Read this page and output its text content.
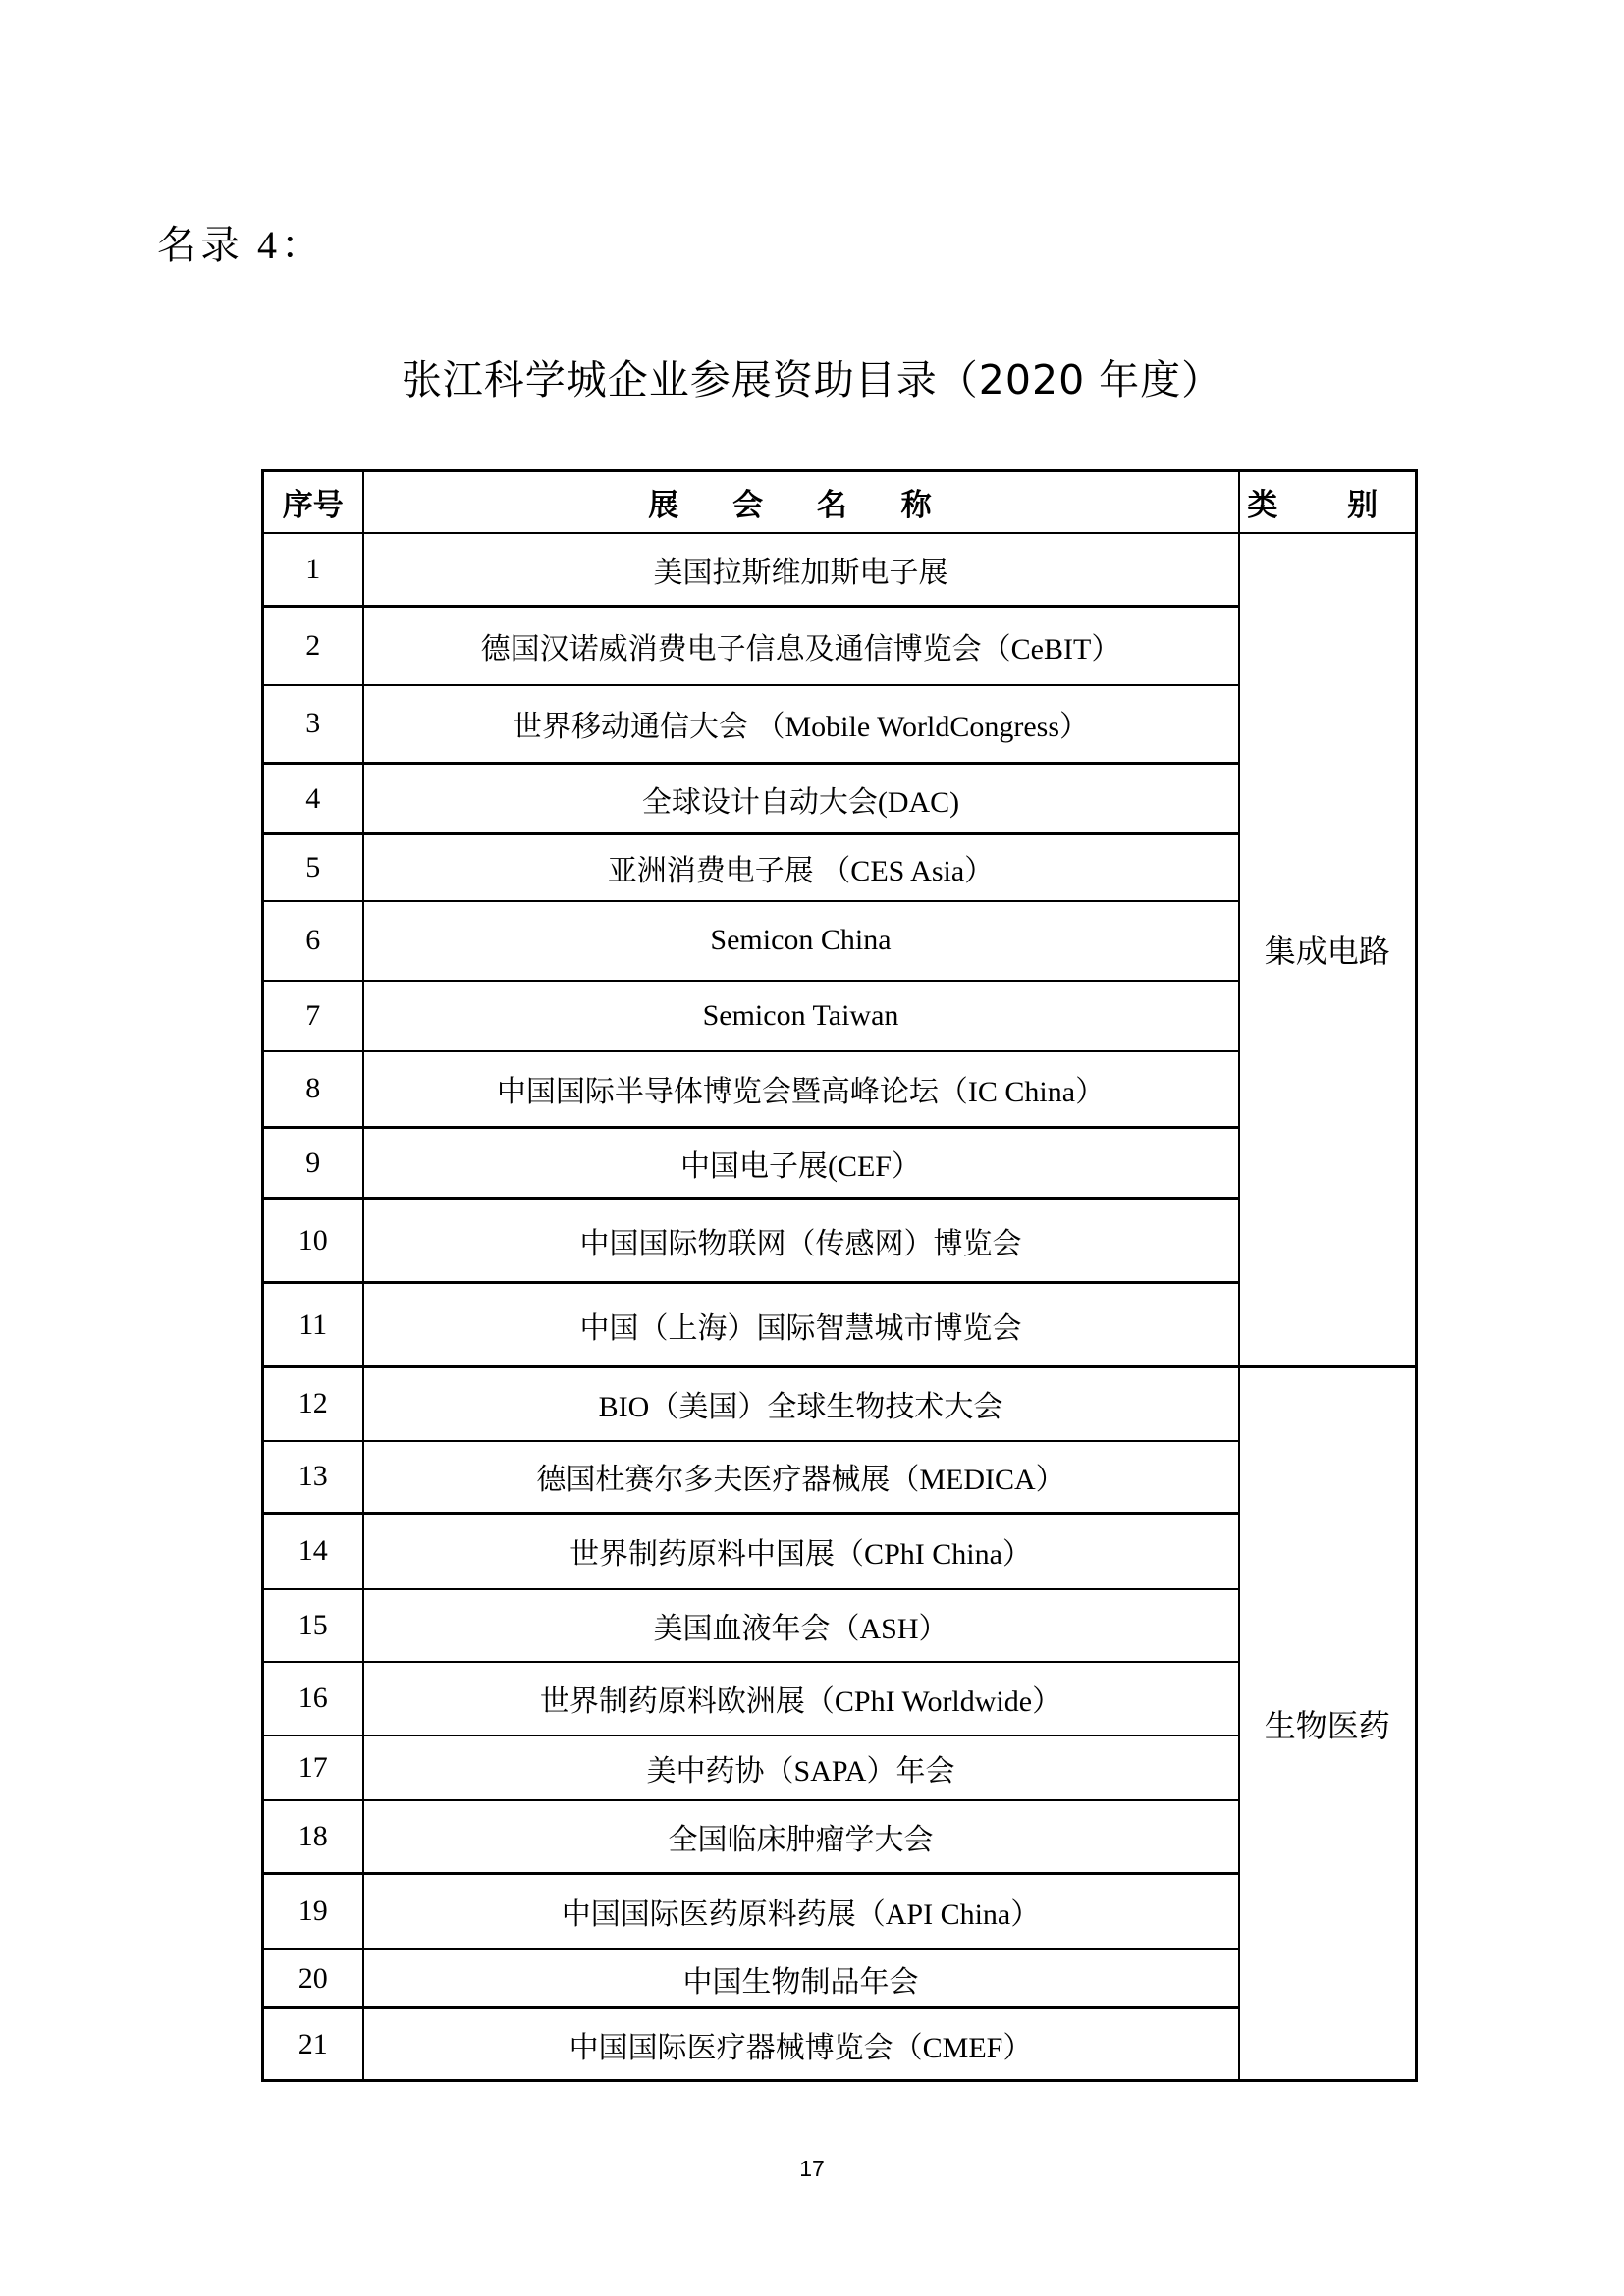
名录 4：
张江科学城企业参展资助目录（2020 年度）
序号	展 会 名 称	类 别
1	美国拉斯维加斯电子展	集成电路
2	德国汉诺威消费电子信息及通信博览会（CeBIT）	
3	世界移动通信大会 （Mobile WorldCongress）	
4	全球设计自动大会(DAC)	
5	亚洲消费电子展 （CES Asia）	
6	Semicon China	
7	Semicon Taiwan	
8	中国国际半导体博览会暨高峰论坛（IC China）	
9	中国电子展(CEF）	
10	中国国际物联网（传感网）博览会	
11	中国（上海）国际智慧城市博览会	
12	BIO（美国）全球生物技术大会	生物医药
13	德国杜赛尔多夫医疗器械展（MEDICA）	
14	世界制药原料中国展（CPhI China）	
15	美国血液年会（ASH）	
16	世界制药原料欧洲展（CPhI Worldwide）	
17	美中药协（SAPA）年会	
18	全国临床肿瘤学大会	
19	中国国际医药原料药展（API China）	
20	中国生物制品年会	
21	中国国际医疗器械博览会（CMEF）	
17
